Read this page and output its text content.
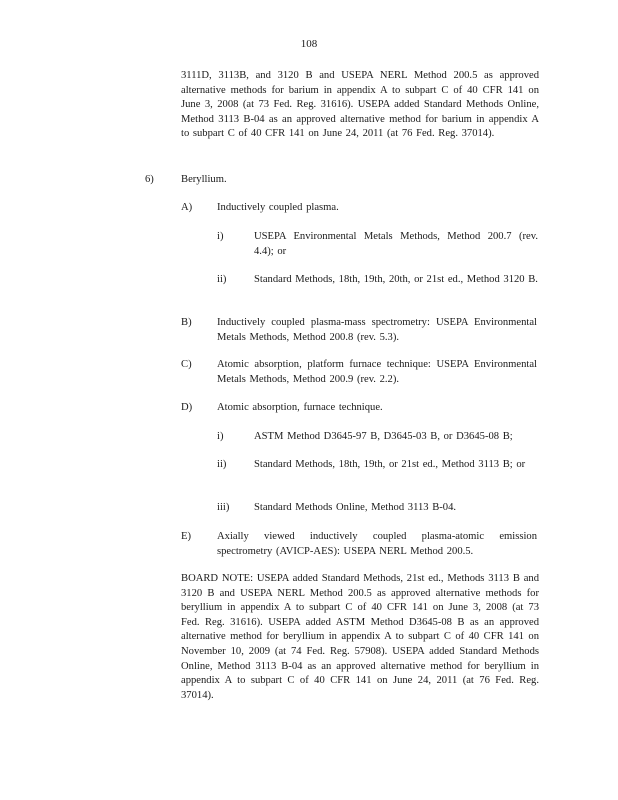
108
3111D, 3113B, and 3120 B and USEPA NERL Method 200.5 as approved alternative methods for barium in appendix A to subpart C of 40 CFR 141 on June 3, 2008 (at 73 Fed. Reg. 31616). USEPA added Standard Methods Online, Method 3113 B-04 as an approved alternative method for barium in appendix A to subpart C of 40 CFR 141 on June 24, 2011 (at 76 Fed. Reg. 37014).
6)	Beryllium.
A) Inductively coupled plasma.
i)	USEPA Environmental Metals Methods, Method 200.7 (rev. 4.4); or
ii)	Standard Methods, 18th, 19th, 20th, or 21st ed., Method 3120 B.
B) Inductively coupled plasma-mass spectrometry: USEPA Environmental Metals Methods, Method 200.8 (rev. 5.3).
C) Atomic absorption, platform furnace technique: USEPA Environmental Metals Methods, Method 200.9 (rev. 2.2).
D) Atomic absorption, furnace technique.
i)	ASTM Method D3645-97 B, D3645-03 B, or D3645-08 B;
ii)	Standard Methods, 18th, 19th, or 21st ed., Method 3113 B; or
iii) Standard Methods Online, Method 3113 B-04.
E) Axially viewed inductively coupled plasma-atomic emission spectrometry (AVICP-AES): USEPA NERL Method 200.5.
BOARD NOTE: USEPA added Standard Methods, 21st ed., Methods 3113 B and 3120 B and USEPA NERL Method 200.5 as approved alternative methods for beryllium in appendix A to subpart C of 40 CFR 141 on June 3, 2008 (at 73 Fed. Reg. 31616). USEPA added ASTM Method D3645-08 B as an approved alternative method for beryllium in appendix A to subpart C of 40 CFR 141 on November 10, 2009 (at 74 Fed. Reg. 57908). USEPA added Standard Methods Online, Method 3113 B-04 as an approved alternative method for beryllium in appendix A to subpart C of 40 CFR 141 on June 24, 2011 (at 76 Fed. Reg. 37014).
